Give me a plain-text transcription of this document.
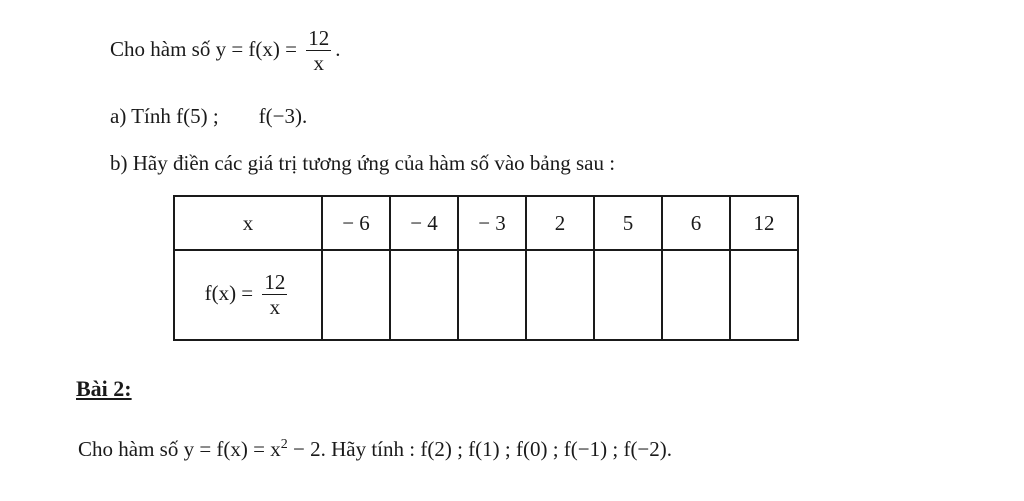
Cho hàm số $y = f(x) = \frac{12}{x}$ .
a) Tính f(5) ; f(−3).
b) Hãy điền các giá trị tương ứng của hàm số vào bảng sau :
x	− 6	− 4	− 3	2	5	6	12
$f(x) = \frac{12}{x}$

Bài 2:
Cho hàm số $y = f(x) = x^2 - 2$. Hãy tính : f(2) ; f(1) ; f(0) ; f(−1) ; f(−2).
